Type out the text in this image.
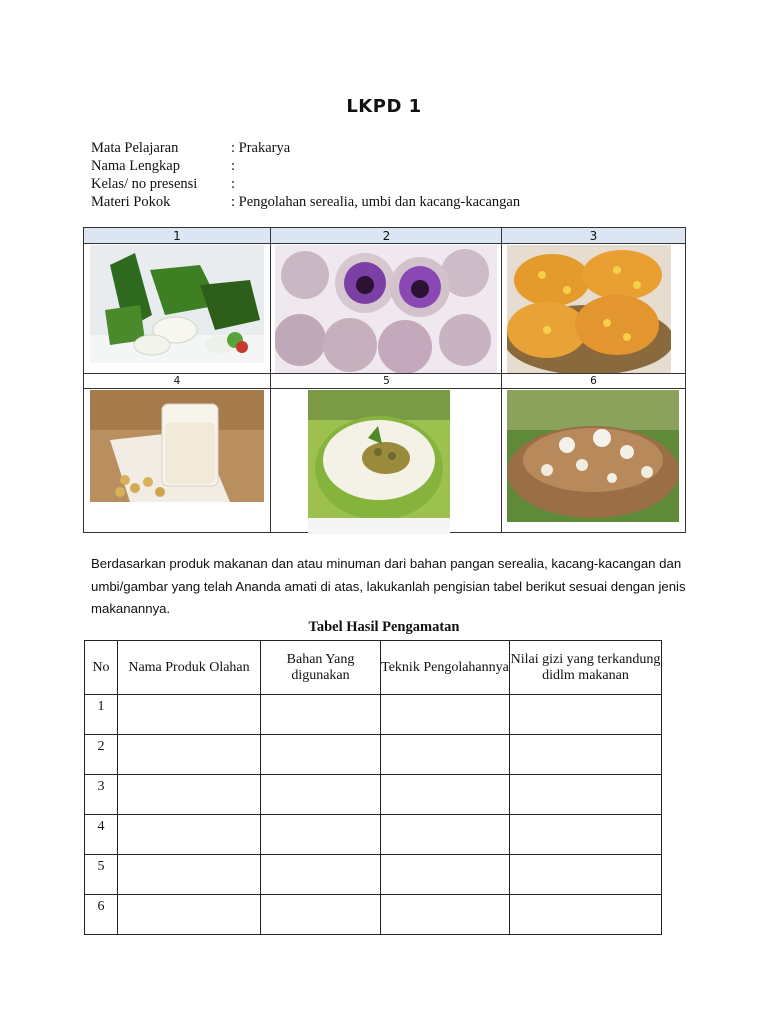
LKPD 1
Mata Pelajaran	: Prakarya
Nama Lengkap	:
Kelas/ no presensi	:
Materi Pokok	: Pengolahan serealia, umbi dan kacang-kacangan
1	2	3
4	5	6
Berdasarkan produk makanan dan atau minuman dari bahan pangan serealia, kacang-kacangan dan umbi/gambar yang telah Ananda amati di atas, lakukanlah pengisian tabel berikut sesuai dengan jenis makanannya.
Tabel Hasil Pengamatan
No	Nama Produk Olahan	Bahan Yang digunakan	Teknik Pengolahannya	Nilai gizi yang terkandung didlm makanan
1				
2				
3				
4				
5				
6				
